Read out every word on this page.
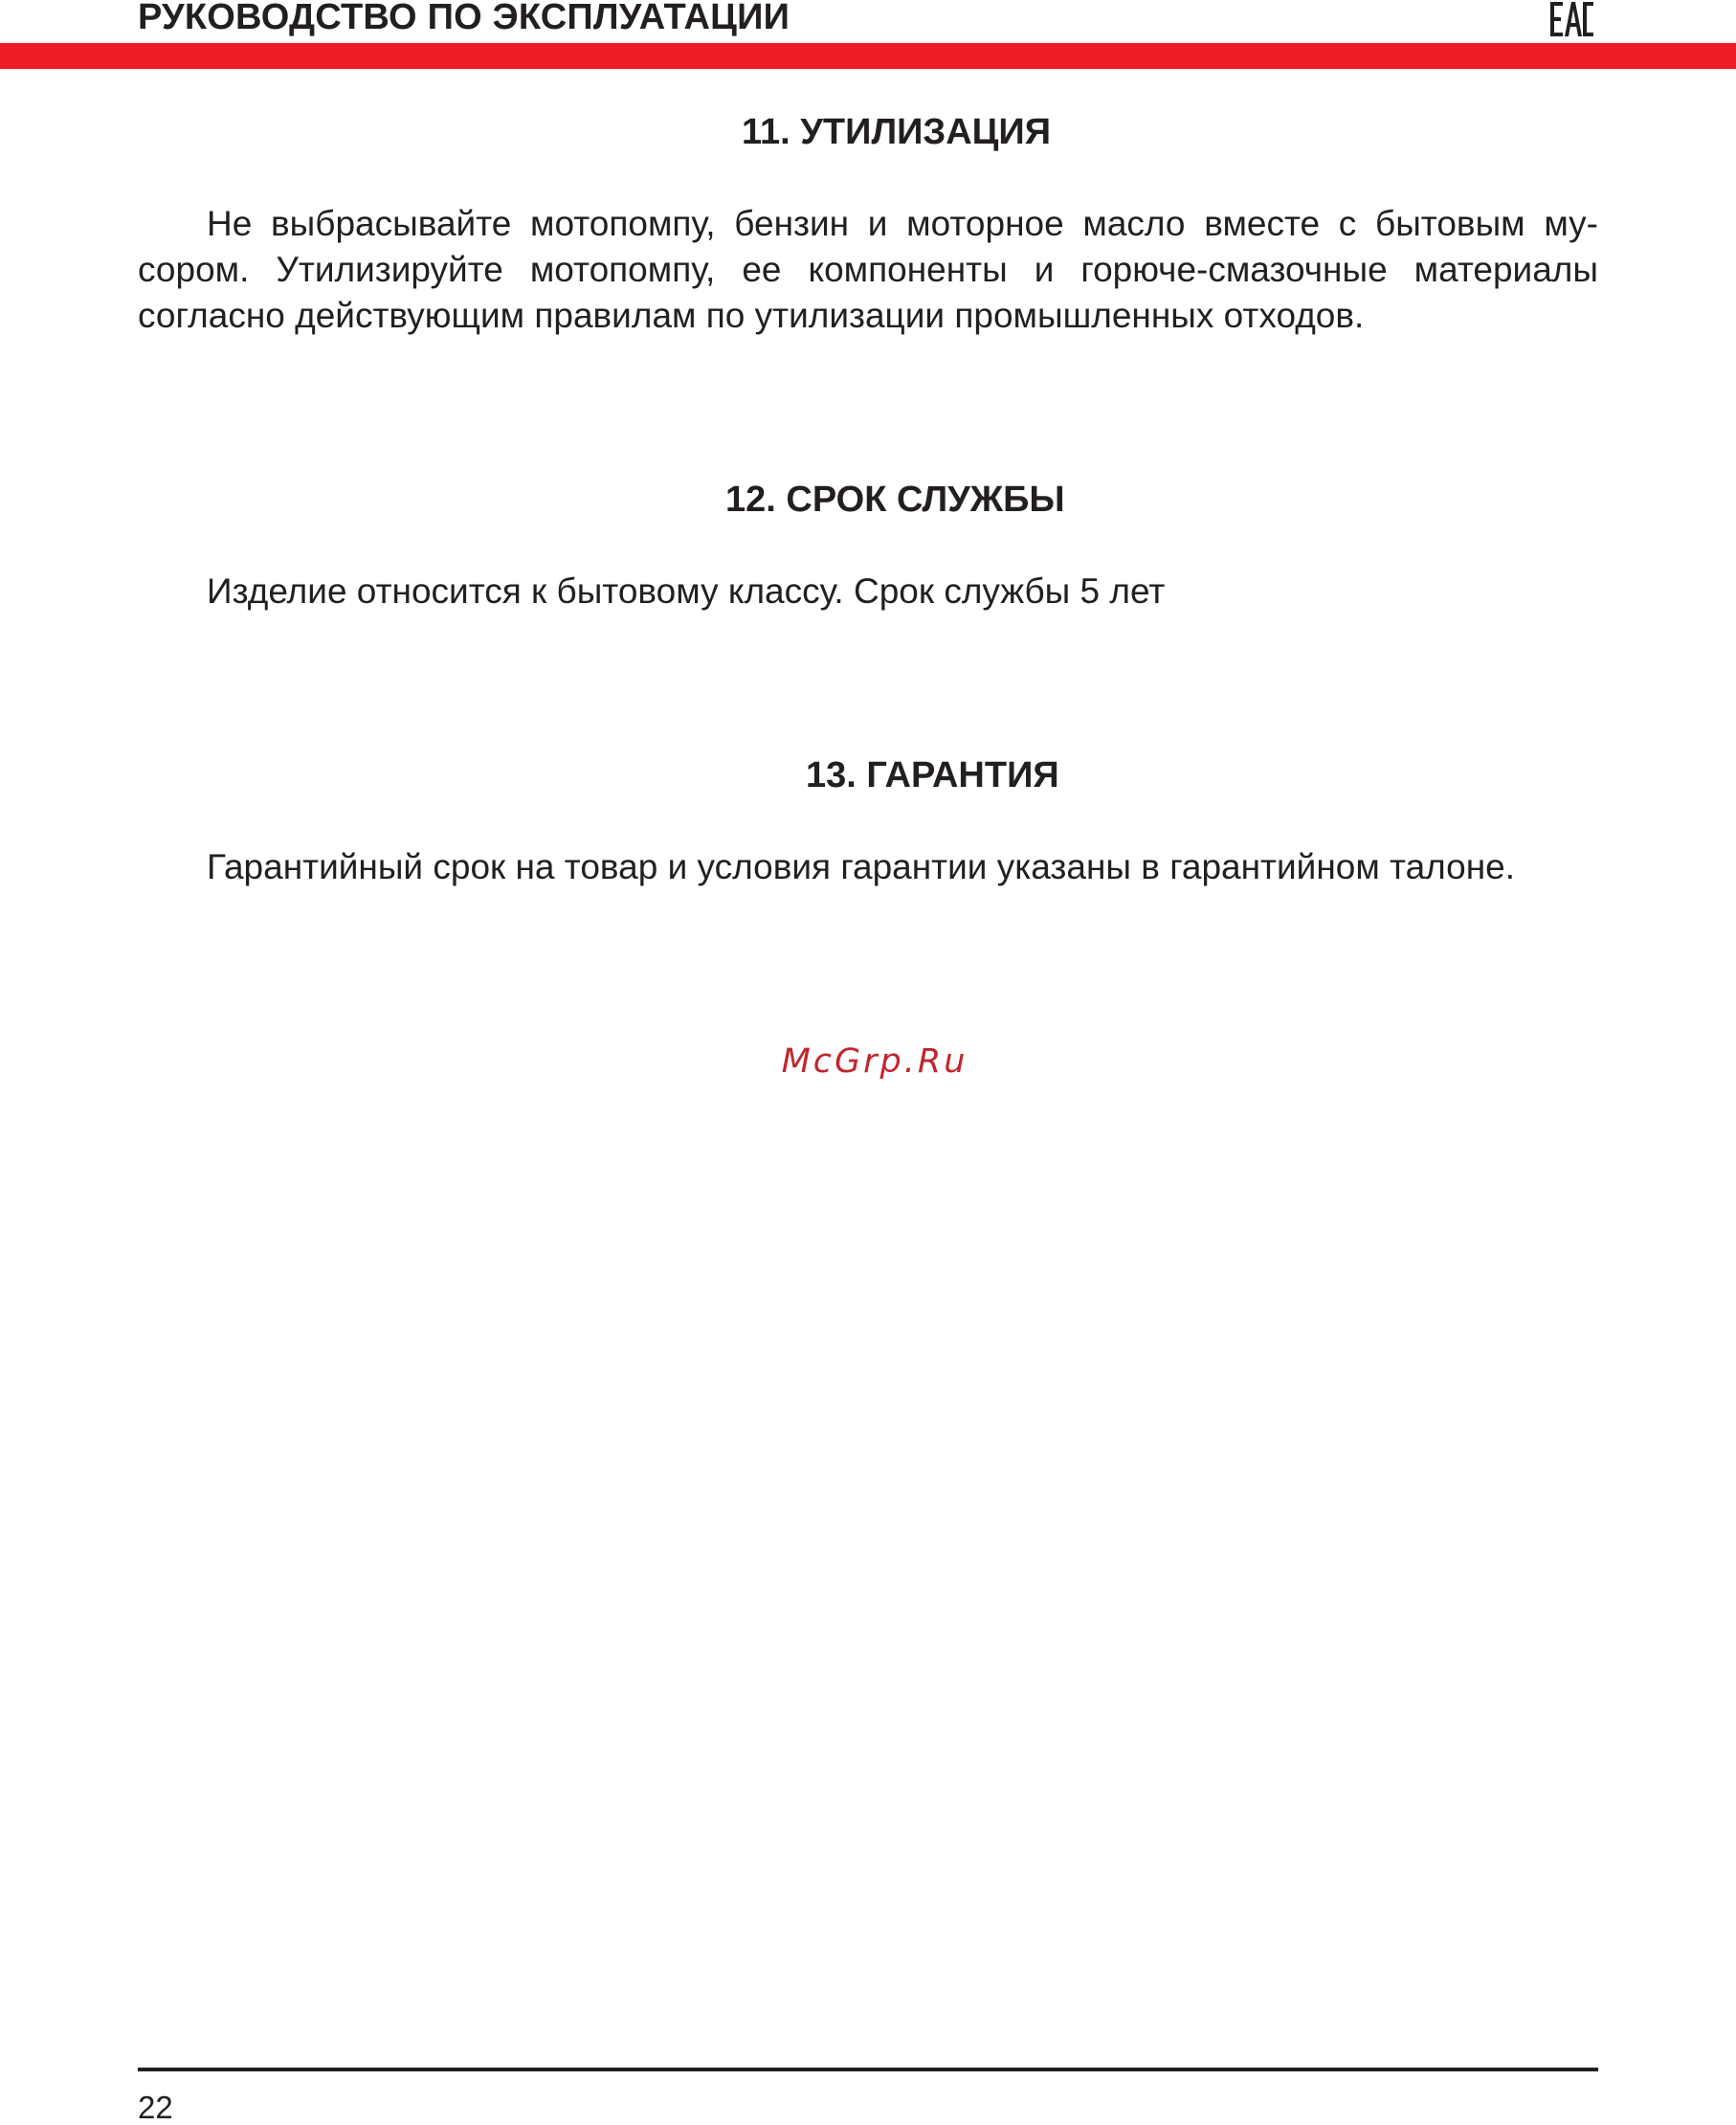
РУКОВОДСТВО ПО ЭКСПЛУАТАЦИИ
11. УТИЛИЗАЦИЯ
Не выбрасывайте мотопомпу, бензин и моторное масло вместе с бытовым мусором. Утилизируйте мотопомпу, ее компоненты и горюче-смазочные материалы согласно действующим правилам по утилизации промышленных отходов.
12. СРОК СЛУЖБЫ
Изделие относится к бытовому классу. Срок службы 5 лет
13. ГАРАНТИЯ
Гарантийный срок на товар и условия гарантии указаны в гарантийном талоне.
McGrp.Ru
22
